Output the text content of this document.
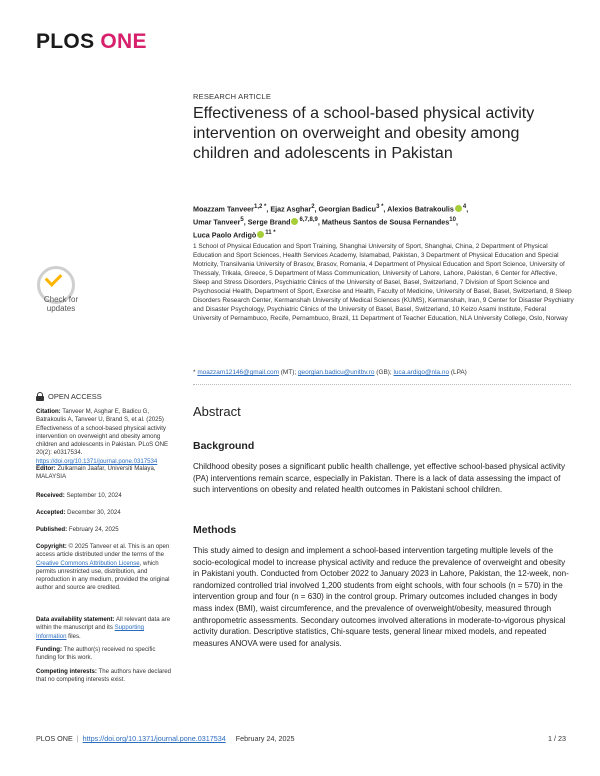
PLOS ONE
Check for
updates
OPEN ACCESS
Citation: Tanveer M, Asghar E, Badicu G, Batrakoulis A, Tanveer U, Brand S, et al. (2025) Effectiveness of a school-based physical activity intervention on overweight and obesity among children and adolescents in Pakistan. PLoS ONE 20(2): e0317534. https://doi.org/10.1371/journal.pone.0317534
Editor: Zulkarnain Jaafar, Universiti Malaya, MALAYSIA
Received: September 10, 2024
Accepted: December 30, 2024
Published: February 24, 2025
Copyright: © 2025 Tanveer et al. This is an open access article distributed under the terms of the Creative Commons Attribution License, which permits unrestricted use, distribution, and reproduction in any medium, provided the original author and source are credited.
Data availability statement: All relevant data are within the manuscript and its Supporting Information files.
Funding: The author(s) received no specific funding for this work.
Competing interests: The authors have declared that no competing interests exist.
RESEARCH ARTICLE
Effectiveness of a school-based physical activity intervention on overweight and obesity among children and adolescents in Pakistan
Moazzam Tanveer$^{1,2 *}$, Ejaz Asghar$^2$, Georgian Badicu$^{3 *}$, Alexios Batrakoulis $^4$,
Umar Tanveer$^5$, Serge Brand $^{6,7,8,9}$, Matheus Santos de Sousa Fernandes$^{10}$,
Luca Paolo Ardigò $^{11 *}$
1 School of Physical Education and Sport Training, Shanghai University of Sport, Shanghai, China, 2 Department of Physical Education and Sport Sciences, Health Services Academy, Islamabad, Pakistan, 3 Department of Physical Education and Special Motricity, Transilvania University of Brasov, Brasov, Romania, 4 Department of Physical Education and Sport Science, University of Thessaly, Trikala, Greece, 5 Department of Mass Communication, University of Lahore, Lahore, Pakistan, 6 Center for Affective, Sleep and Stress Disorders, Psychiatric Clinics of the University of Basel, Basel, Switzerland, 7 Division of Sport Science and Psychosocial Health, Department of Sport, Exercise and Health, Faculty of Medicine, University of Basel, Basel, Switzerland, 8 Sleep Disorders Research Center, Kermanshah University of Medical Sciences (KUMS), Kermanshah, Iran, 9 Center for Disaster Psychiatry and Disaster Psychology, Psychiatric Clinics of the University of Basel, Basel, Switzerland, 10 Keizo Asami Institute, Federal University of Pernambuco, Recife, Pernambuco, Brazil, 11 Department of Teacher Education, NLA University College, Oslo, Norway
* moazzam12146@gmail.com (MT); georgian.badicu@unitbv.ro (GB); luca.ardigo@nla.no (LPA)
Abstract
Background
Childhood obesity poses a significant public health challenge, yet effective school-based physical activity (PA) interventions remain scarce, especially in Pakistan. There is a lack of data assessing the impact of such interventions on obesity and related health outcomes in Pakistani school children.
Methods
This study aimed to design and implement a school-based intervention targeting multiple levels of the socio-ecological model to increase physical activity and reduce the prevalence of overweight and obesity in Pakistani youth. Conducted from October 2022 to January 2023 in Lahore, Pakistan, the 12-week, non-randomized controlled trial involved 1,200 students from eight schools, with four schools (n = 570) in the intervention group and four (n = 630) in the control group. Primary outcomes included changes in body mass index (BMI), waist circumference, and the prevalence of overweight/obesity, measured through anthropometric assessments. Secondary outcomes involved alterations in moderate-to-vigorous physical activity duration. Descriptive statistics, Chi-square tests, general linear mixed models, and repeated measures ANOVA were used for analysis.
PLOS ONE | https://doi.org/10.1371/journal.pone.0317534 February 24, 2025	1 / 23
